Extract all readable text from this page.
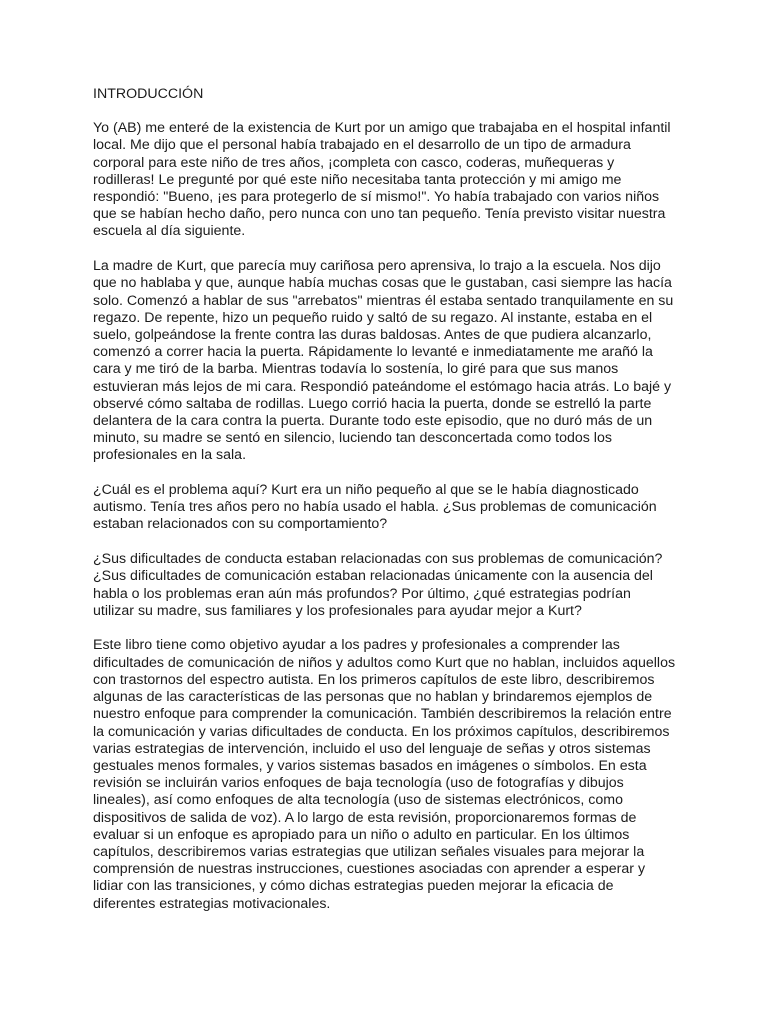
INTRODUCCIÓN

Yo (AB) me enteré de la existencia de Kurt por un amigo que trabajaba en el hospital infantil
local. Me dijo que el personal había trabajado en el desarrollo de un tipo de armadura
corporal para este niño de tres años, ¡completa con casco, coderas, muñequeras y
rodilleras! Le pregunté por qué este niño necesitaba tanta protección y mi amigo me
respondió: "Bueno, ¡es para protegerlo de sí mismo!". Yo había trabajado con varios niños
que se habían hecho daño, pero nunca con uno tan pequeño. Tenía previsto visitar nuestra
escuela al día siguiente.

La madre de Kurt, que parecía muy cariñosa pero aprensiva, lo trajo a la escuela. Nos dijo
que no hablaba y que, aunque había muchas cosas que le gustaban, casi siempre las hacía
solo. Comenzó a hablar de sus "arrebatos" mientras él estaba sentado tranquilamente en su
regazo. De repente, hizo un pequeño ruido y saltó de su regazo. Al instante, estaba en el
suelo, golpeándose la frente contra las duras baldosas. Antes de que pudiera alcanzarlo,
comenzó a correr hacia la puerta. Rápidamente lo levanté e inmediatamente me arañó la
cara y me tiró de la barba. Mientras todavía lo sostenía, lo giré para que sus manos
estuvieran más lejos de mi cara. Respondió pateándome el estómago hacia atrás. Lo bajé y
observé cómo saltaba de rodillas. Luego corrió hacia la puerta, donde se estrelló la parte
delantera de la cara contra la puerta. Durante todo este episodio, que no duró más de un
minuto, su madre se sentó en silencio, luciendo tan desconcertada como todos los
profesionales en la sala.

¿Cuál es el problema aquí? Kurt era un niño pequeño al que se le había diagnosticado
autismo. Tenía tres años pero no había usado el habla. ¿Sus problemas de comunicación
estaban relacionados con su comportamiento?

¿Sus dificultades de conducta estaban relacionadas con sus problemas de comunicación?
¿Sus dificultades de comunicación estaban relacionadas únicamente con la ausencia del
habla o los problemas eran aún más profundos? Por último, ¿qué estrategias podrían
utilizar su madre, sus familiares y los profesionales para ayudar mejor a Kurt?

Este libro tiene como objetivo ayudar a los padres y profesionales a comprender las
dificultades de comunicación de niños y adultos como Kurt que no hablan, incluidos aquellos
con trastornos del espectro autista. En los primeros capítulos de este libro, describiremos
algunas de las características de las personas que no hablan y brindaremos ejemplos de
nuestro enfoque para comprender la comunicación. También describiremos la relación entre
la comunicación y varias dificultades de conducta. En los próximos capítulos, describiremos
varias estrategias de intervención, incluido el uso del lenguaje de señas y otros sistemas
gestuales menos formales, y varios sistemas basados en imágenes o símbolos. En esta
revisión se incluirán varios enfoques de baja tecnología (uso de fotografías y dibujos
lineales), así como enfoques de alta tecnología (uso de sistemas electrónicos, como
dispositivos de salida de voz). A lo largo de esta revisión, proporcionaremos formas de
evaluar si un enfoque es apropiado para un niño o adulto en particular. En los últimos
capítulos, describiremos varias estrategias que utilizan señales visuales para mejorar la
comprensión de nuestras instrucciones, cuestiones asociadas con aprender a esperar y
lidiar con las transiciones, y cómo dichas estrategias pueden mejorar la eficacia de
diferentes estrategias motivacionales.
